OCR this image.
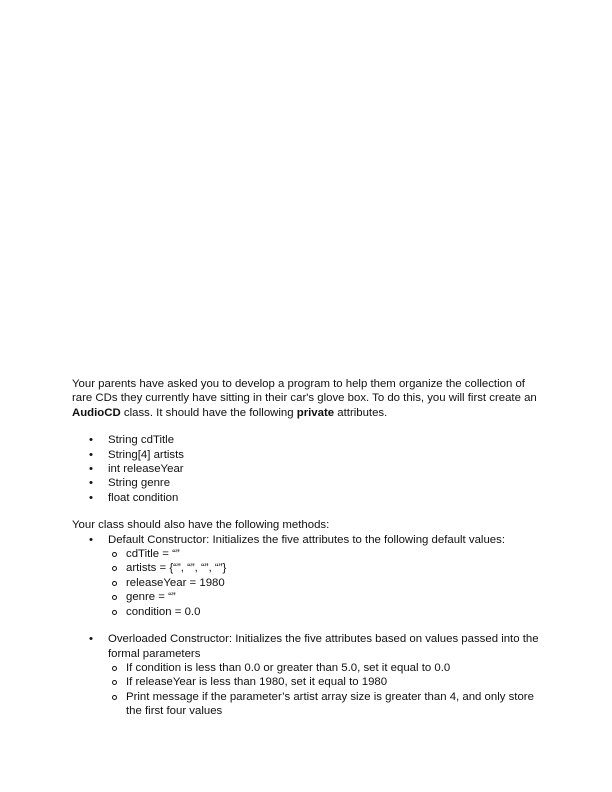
Your parents have asked you to develop a program to help them organize the collection of rare CDs they currently have sitting in their car's glove box. To do this, you will first create an AudioCD class. It should have the following private attributes.

• String cdTitle
• String[4] artists
• int releaseYear
• String genre
• float condition

Your class should also have the following methods:

• Default Constructor: Initializes the five attributes to the following default values:
cdTitle = “”
artists = {“”, “”, “”, “”}
releaseYear = 1980
genre = “”
condition = 0.0
• Overloaded Constructor: Initializes the five attributes based on values passed into the formal parameters
If condition is less than 0.0 or greater than 5.0, set it equal to 0.0
If releaseYear is less than 1980, set it equal to 1980
Print message if the parameter’s artist array size is greater than 4, and only store the first four values
